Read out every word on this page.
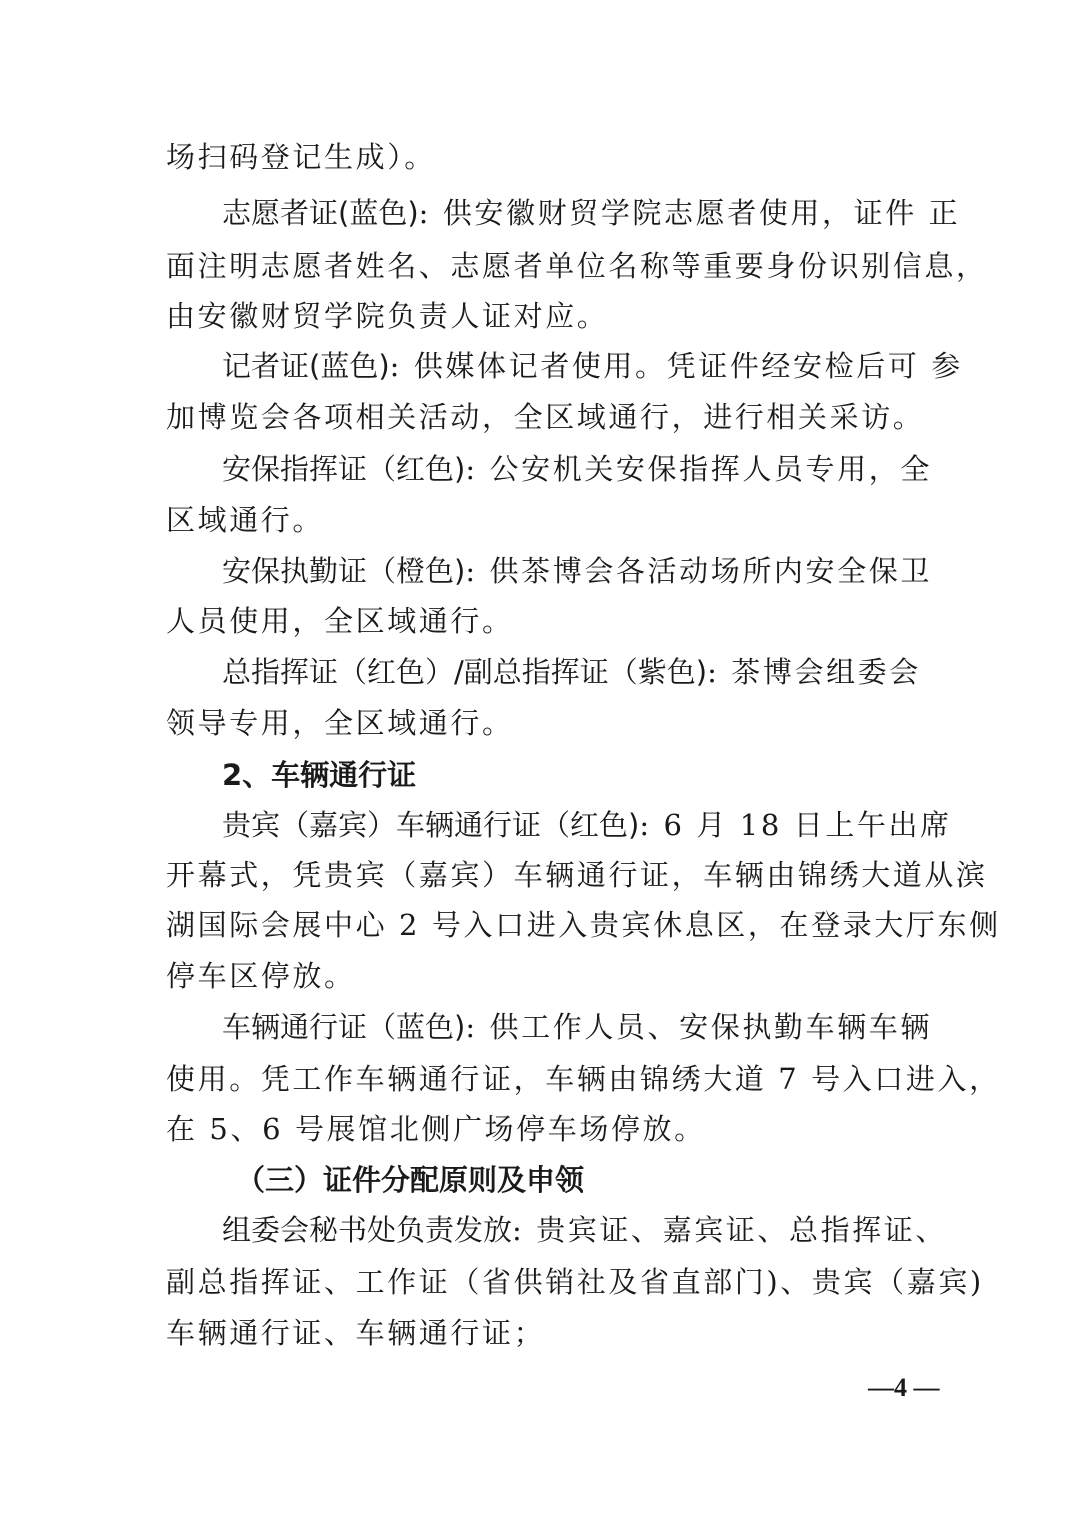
场扫码登记生成）。
志愿者证(蓝色): 供安徽财贸学院志愿者使用，证件 正
面注明志愿者姓名、志愿者单位名称等重要身份识别信息，
由安徽财贸学院负责人证对应。
记者证(蓝色): 供媒体记者使用。凭证件经安检后可 参
加博览会各项相关活动，全区域通行，进行相关采访。
安保指挥证（红色): 公安机关安保指挥人员专用，全
区域通行。
安保执勤证（橙色): 供茶博会各活动场所内安全保卫
人员使用，全区域通行。
总指挥证（红色）/副总指挥证（紫色): 茶博会组委会
领导专用，全区域通行。
2、车辆通行证
贵宾（嘉宾）车辆通行证（红色): 6 月 18 日上午出席
开幕式，凭贵宾（嘉宾）车辆通行证，车辆由锦绣大道从滨
湖国际会展中心 2 号入口进入贵宾休息区，在登录大厅东侧
停车区停放。
车辆通行证（蓝色): 供工作人员、安保执勤车辆车辆
使用。凭工作车辆通行证，车辆由锦绣大道 7 号入口进入，
在 5、6 号展馆北侧广场停车场停放。
（三）证件分配原则及申领
组委会秘书处负责发放: 贵宾证、嘉宾证、总指挥证、
副总指挥证、工作证（省供销社及省直部门)、贵宾（嘉宾)
车辆通行证、车辆通行证；
—4 —
